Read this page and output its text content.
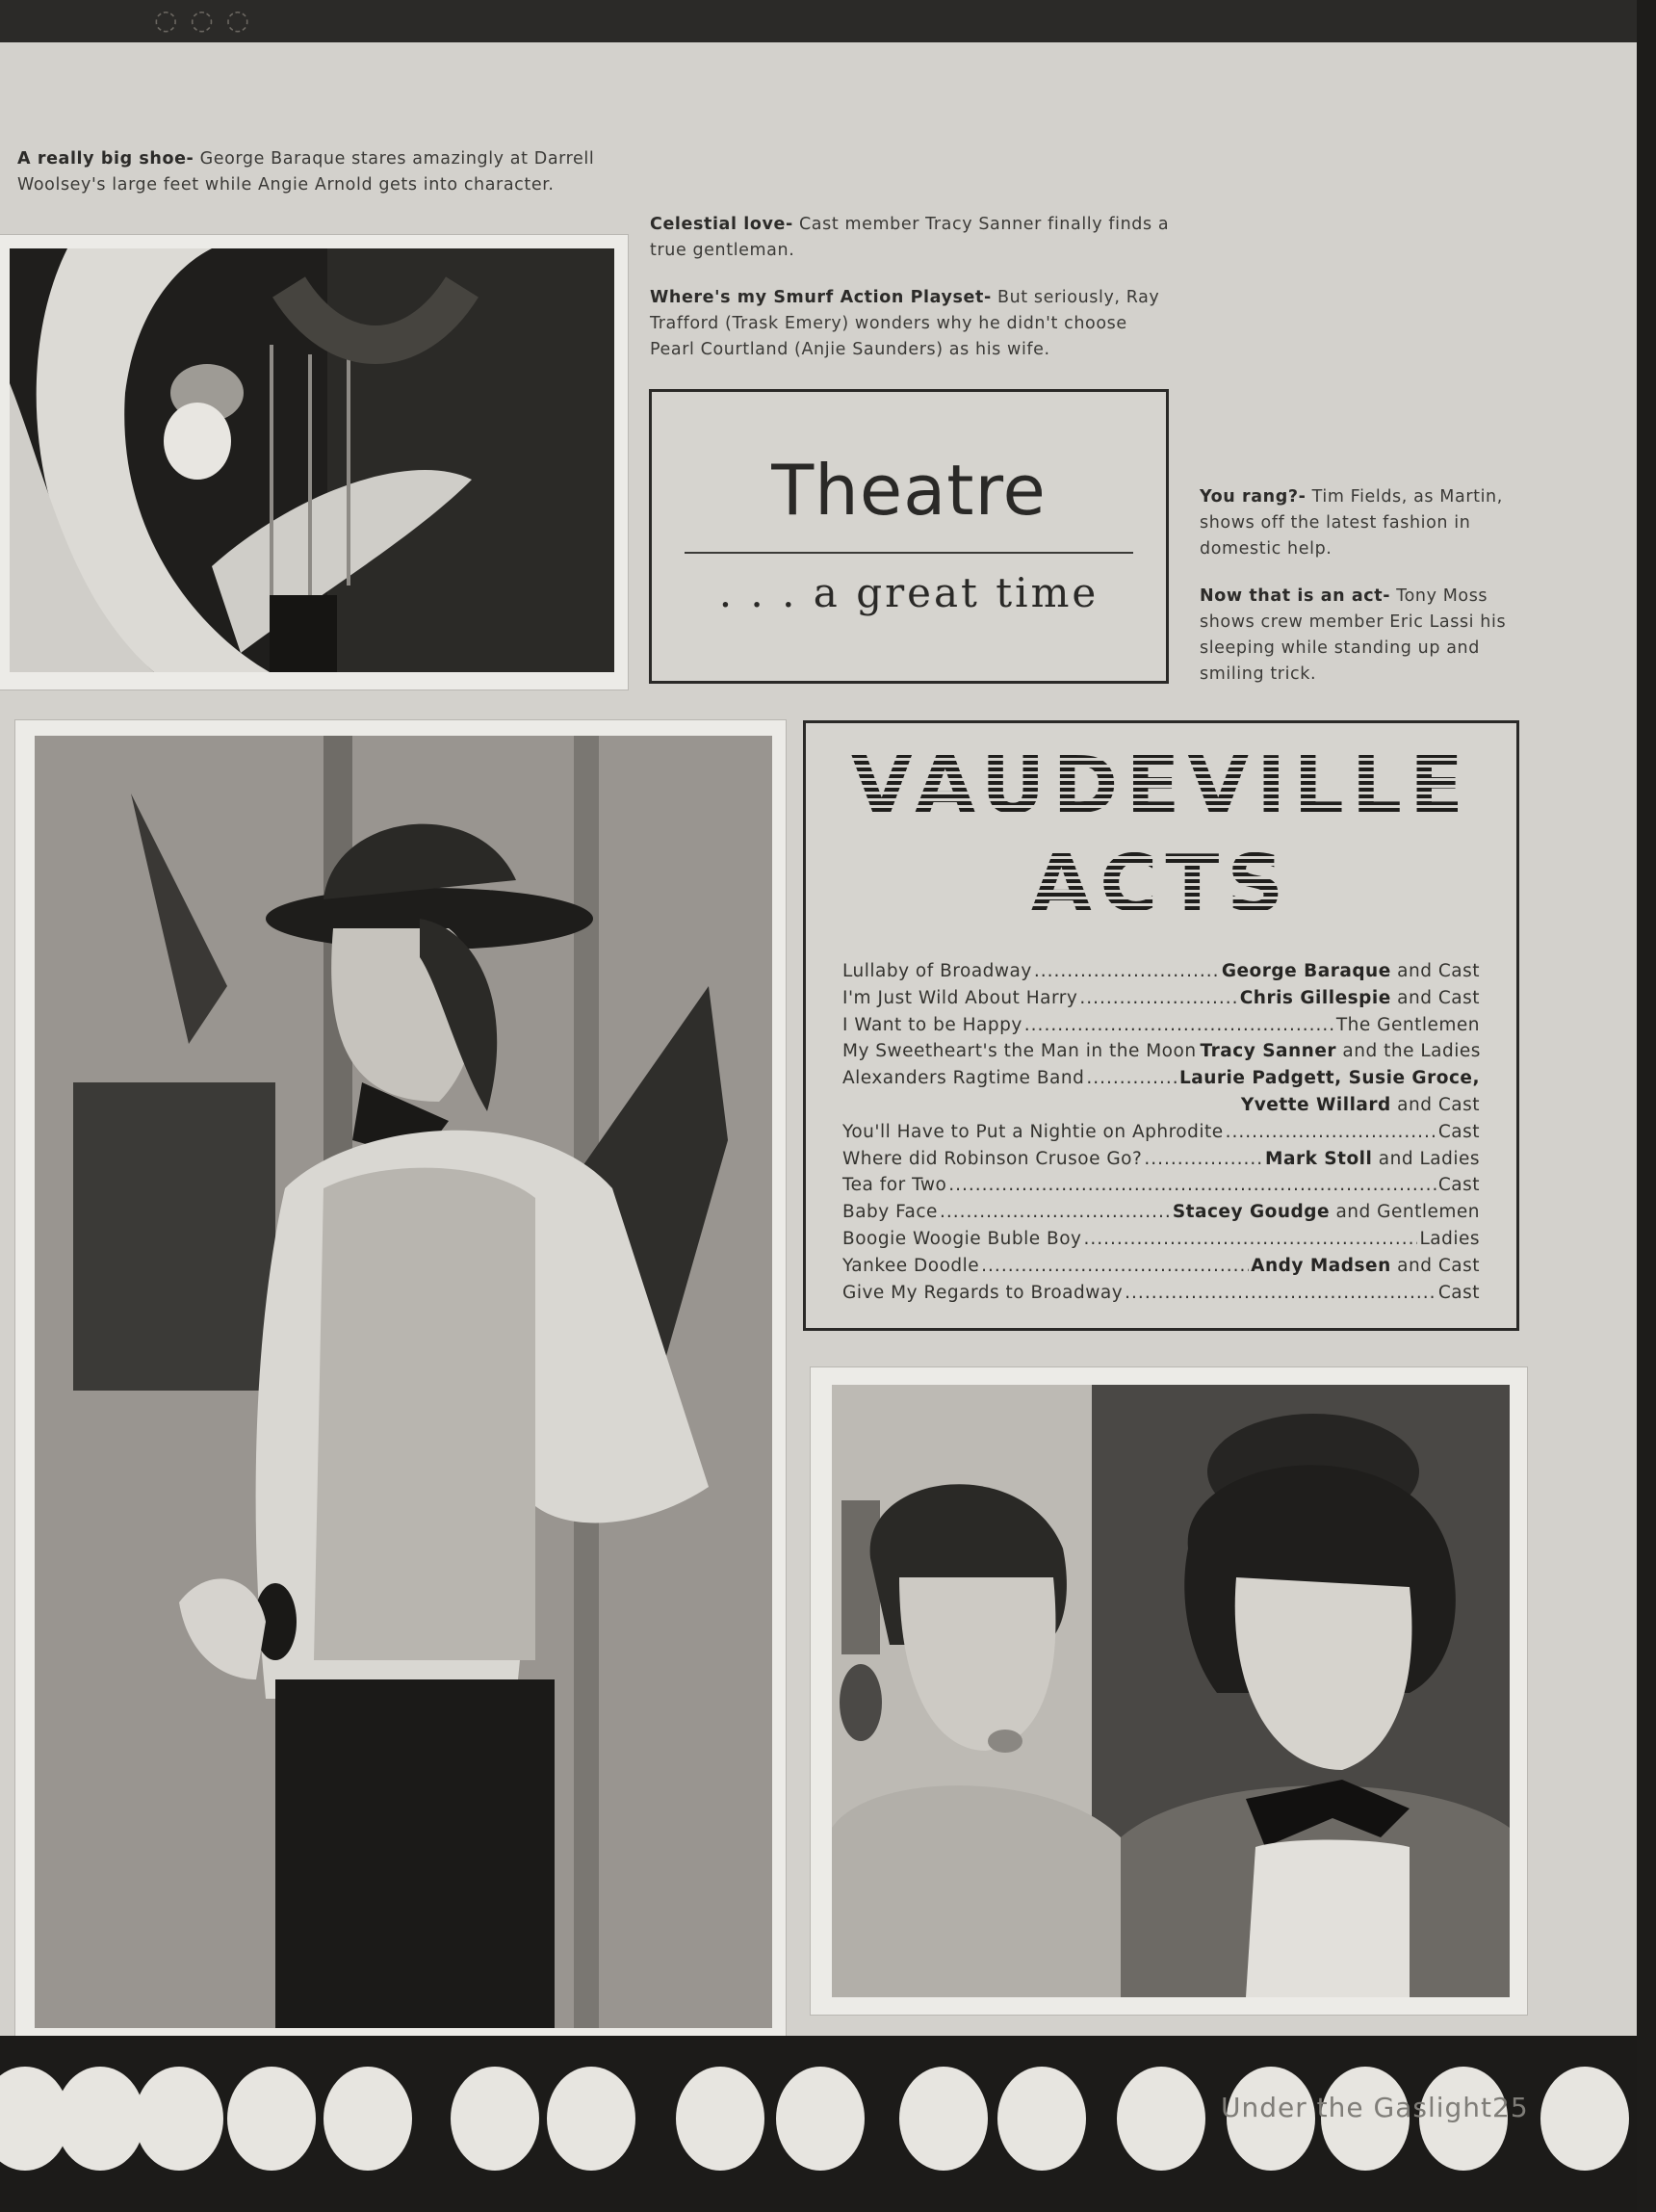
◌ ◌ ◌
A really big shoe- George Baraque stares amazingly at Darrell Woolsey's large feet while Angie Arnold gets into character.

Celestial love- Cast member Tracy Sanner finally finds a true gentleman.

Where's my Smurf Action Playset- But seriously, Ray Trafford (Trask Emery) wonders why he didn't choose Pearl Courtland (Anjie Saunders) as his wife.

Theatre
. . . a great time

You rang?- Tim Fields, as Martin, shows off the latest fashion in domestic help.

Now that is an act- Tony Moss shows crew member Eric Lassi his sleeping while standing up and smiling trick.

VAUDEVILLE
ACTS
Lullaby of Broadway .....	George Baraque and Cast
I'm Just Wild About Harry .....	Chris Gillespie and Cast
I Want to be Happy .....	The Gentlemen
My Sweetheart's the Man in the Moon Tracy Sanner and the Ladies
Alexanders Ragtime Band .....	Laurie Padgett, Susie Groce,
Yvette Willard and Cast
You'll Have to Put a Nightie on Aphrodite .....	Cast
Where did Robinson Crusoe Go? .....	Mark Stoll and Ladies
Tea for Two .....	Cast
Baby Face .....	Stacey Goudge and Gentlemen
Boogie Woogie Buble Boy .....	Ladies
Yankee Doodle .....	Andy Madsen and Cast
Give My Regards to Broadway .....	Cast
Under the Gaslight25
